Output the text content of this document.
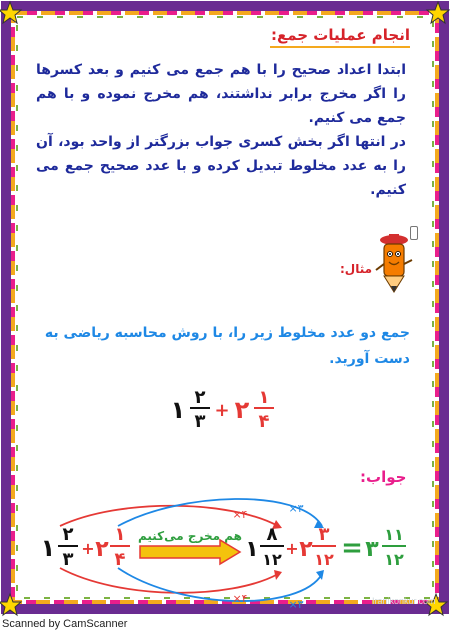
انجام عملیات جمع:
ابتدا اعداد صحیح را با هم جمع می کنیم و بعد کسرها را اگر مخرج برابر نداشتند، هم مخرج نموده و با هم جمع می کنیم.
در انتها اگر بخش کسری جواب بزرگتر از واحد بود، آن را به عدد مخلوط تبدیل کرده و با عدد صحیح جمع می کنیم.
مثال:
جمع دو عدد مخلوط زیر را، با روش محاسبه ریاضی به دست آورید.
۱ ۲
۳
+ ۲ ۱
۴
جواب:
×۴	×۳
×۴	×۳
۱ ۲
۳
+ ۲
۱
۴
هم مخرج می‌کنیم
۱
۸
۱۲
+ ۲
۳
۱۲ = ۳
۱۱
۱۲
Iranikonkur.com
Scanned by CamScanner
